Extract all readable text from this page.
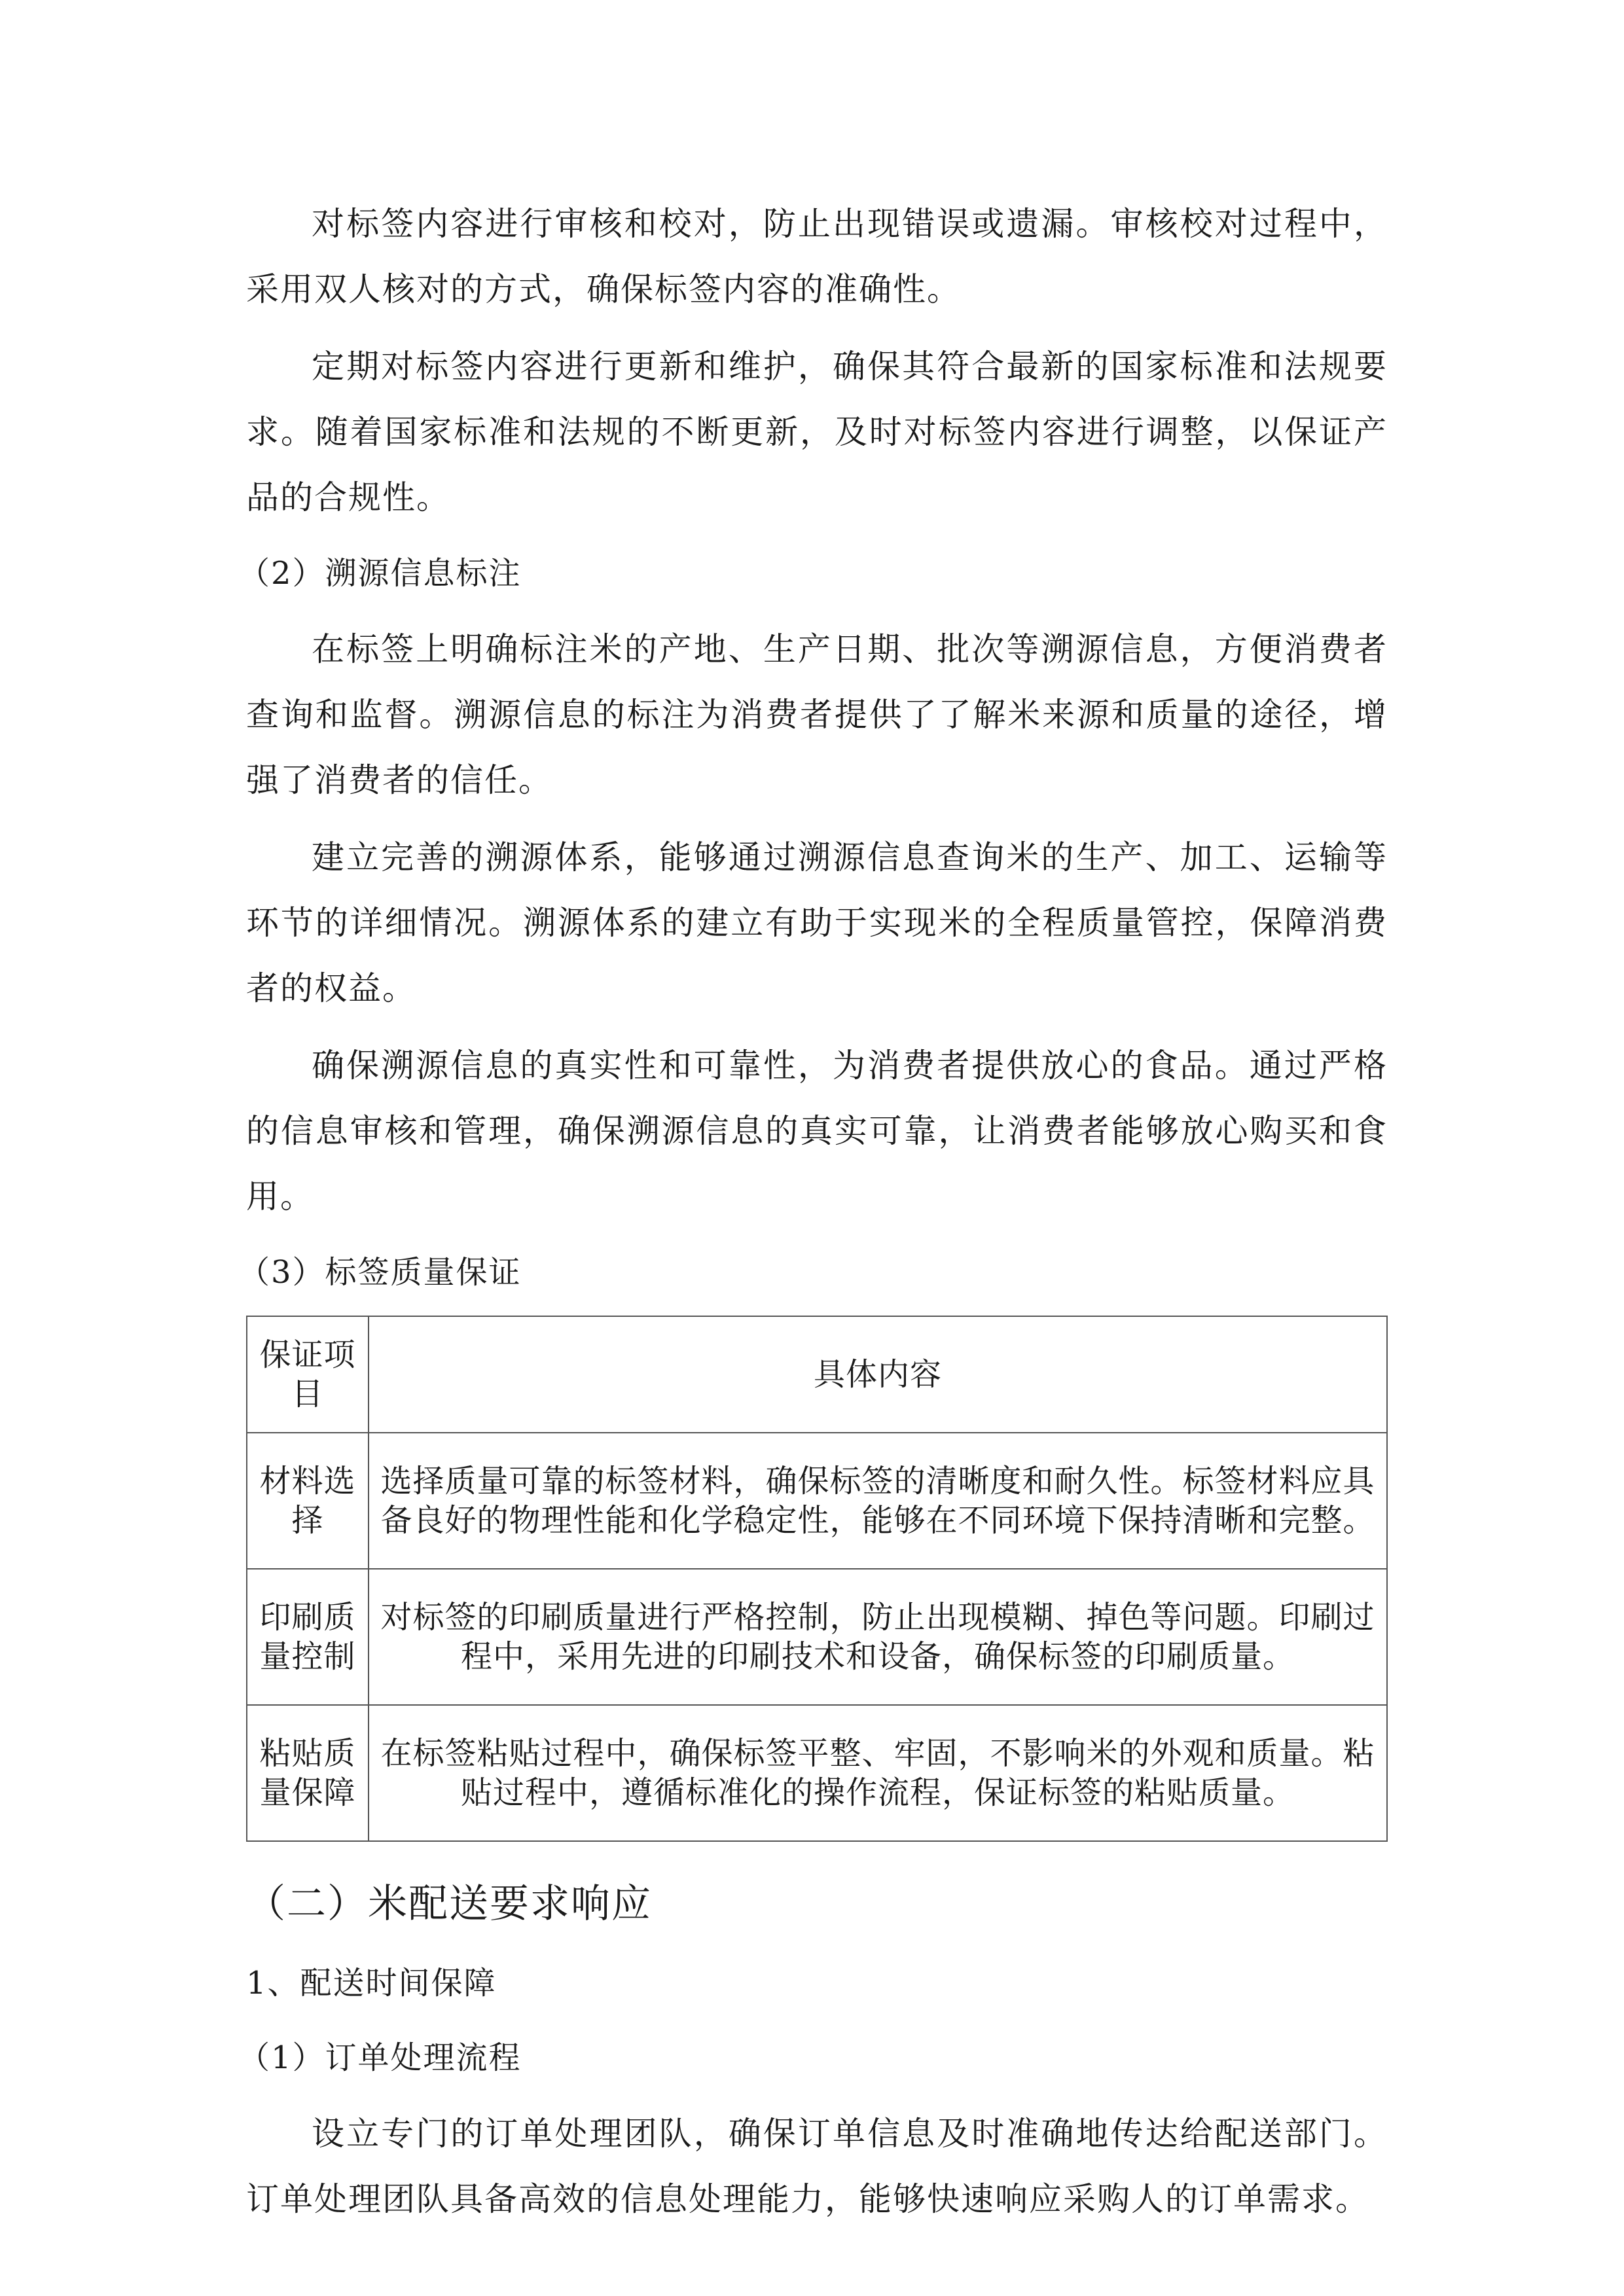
对标签内容进行审核和校对，防止出现错误或遗漏。审核校对过程中，采用双人核对的方式，确保标签内容的准确性。

定期对标签内容进行更新和维护，确保其符合最新的国家标准和法规要求。随着国家标准和法规的不断更新，及时对标签内容进行调整，以保证产品的合规性。

（2）溯源信息标注

在标签上明确标注米的产地、生产日期、批次等溯源信息，方便消费者查询和监督。溯源信息的标注为消费者提供了了解米来源和质量的途径，增强了消费者的信任。

建立完善的溯源体系，能够通过溯源信息查询米的生产、加工、运输等环节的详细情况。溯源体系的建立有助于实现米的全程质量管控，保障消费者的权益。

确保溯源信息的真实性和可靠性，为消费者提供放心的食品。通过严格的信息审核和管理，确保溯源信息的真实可靠，让消费者能够放心购买和食用。

（3）标签质量保证
保证项目	具体内容
材料选择	选择质量可靠的标签材料，确保标签的清晰度和耐久性。标签材料应具备良好的物理性能和化学稳定性，能够在不同环境下保持清晰和完整。
印刷质量控制	对标签的印刷质量进行严格控制，防止出现模糊、掉色等问题。印刷过程中，采用先进的印刷技术和设备，确保标签的印刷质量。
粘贴质量保障	在标签粘贴过程中，确保标签平整、牢固，不影响米的外观和质量。粘贴过程中，遵循标准化的操作流程，保证标签的粘贴质量。
（二）米配送要求响应
1、配送时间保障
（1）订单处理流程

设立专门的订单处理团队，确保订单信息及时准确地传达给配送部门。订单处理团队具备高效的信息处理能力，能够快速响应采购人的订单需求。
